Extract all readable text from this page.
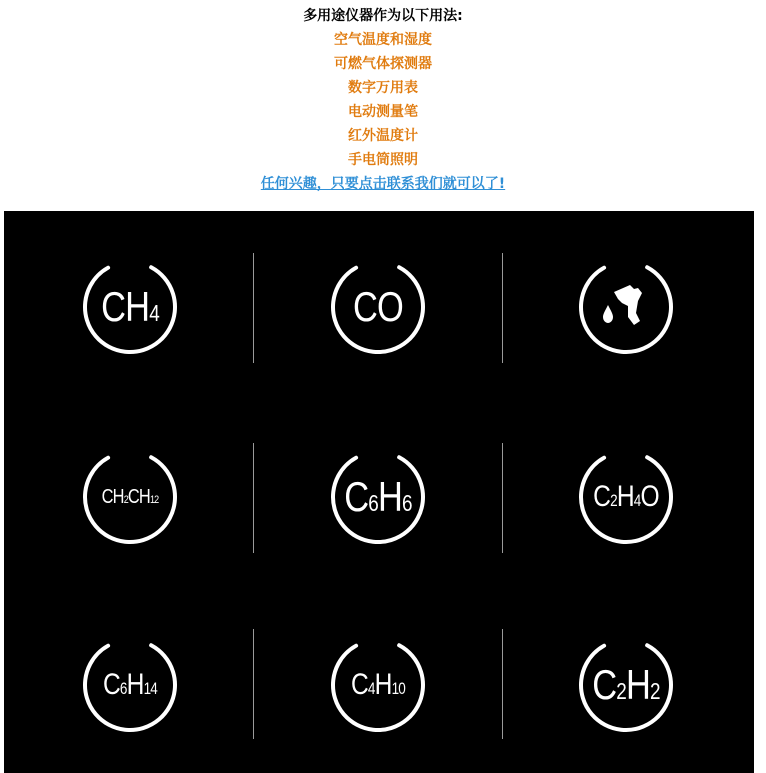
多用途仪器作为以下用法:
空气温度和湿度
可燃气体探测器
数字万用表
电动测量笔
红外温度计
手电筒照明
任何兴趣，只要点击联系我们就可以了!
CH 4	CO
CH 2 CH 12	C 6 H 6	C 2 H 4 O
C 6 H 14	C 4 H 10	C 2 H 2
